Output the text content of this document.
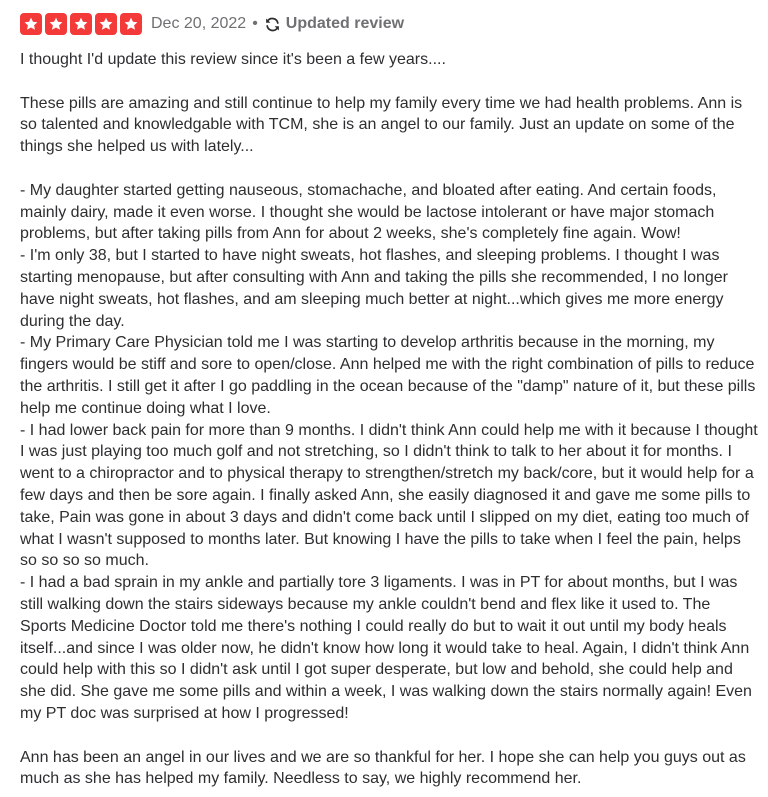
Dec 20, 2022 • Updated review

I thought I'd update this review since it's been a few years....

These pills are amazing and still continue to help my family every time we had health problems. Ann is so talented and knowledgable with TCM, she is an angel to our family. Just an update on some of the things she helped us with lately...

- My daughter started getting nauseous, stomachache, and bloated after eating. And certain foods, mainly dairy, made it even worse. I thought she would be lactose intolerant or have major stomach problems, but after taking pills from Ann for about 2 weeks, she's completely fine again. Wow!

- I'm only 38, but I started to have night sweats, hot flashes, and sleeping problems. I thought I was starting menopause, but after consulting with Ann and taking the pills she recommended, I no longer have night sweats, hot flashes, and am sleeping much better at night...which gives me more energy during the day.

- My Primary Care Physician told me I was starting to develop arthritis because in the morning, my fingers would be stiff and sore to open/close. Ann helped me with the right combination of pills to reduce the arthritis. I still get it after I go paddling in the ocean because of the "damp" nature of it, but these pills help me continue doing what I love.

- I had lower back pain for more than 9 months. I didn't think Ann could help me with it because I thought I was just playing too much golf and not stretching, so I didn't think to talk to her about it for months. I went to a chiropractor and to physical therapy to strengthen/stretch my back/core, but it would help for a few days and then be sore again. I finally asked Ann, she easily diagnosed it and gave me some pills to take, Pain was gone in about 3 days and didn't come back until I slipped on my diet, eating too much of what I wasn't supposed to months later. But knowing I have the pills to take when I feel the pain, helps so so so so much.

- I had a bad sprain in my ankle and partially tore 3 ligaments. I was in PT for about months, but I was still walking down the stairs sideways because my ankle couldn't bend and flex like it used to. The Sports Medicine Doctor told me there's nothing I could really do but to wait it out until my body heals itself...and since I was older now, he didn't know how long it would take to heal. Again, I didn't think Ann could help with this so I didn't ask until I got super desperate, but low and behold, she could help and she did. She gave me some pills and within a week, I was walking down the stairs normally again! Even my PT doc was surprised at how I progressed!

Ann has been an angel in our lives and we are so thankful for her. I hope she can help you guys out as much as she has helped my family. Needless to say, we highly recommend her.
